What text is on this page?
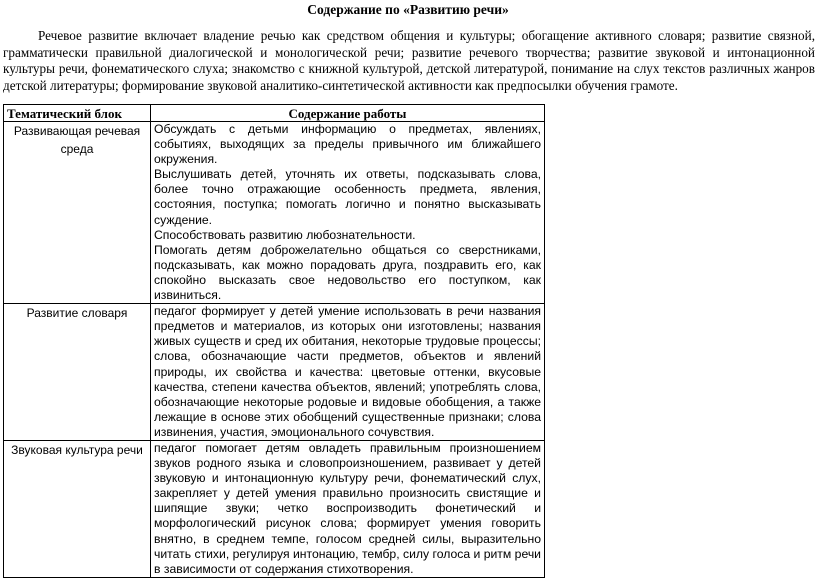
Содержание по «Развитию речи»

Речевое развитие включает владение речью как средством общения и культуры; обогащение активного словаря; развитие связной, грамматически правильной диалогической и монологической речи; развитие речевого творчества; развитие звуковой и интонационной культуры речи, фонематического слуха; знакомство с книжной культурой, детской литературой, понимание на слух текстов различных жанров детской литературы; формирование звуковой аналитико-синтетической активности как предпосылки обучения грамоте.

Тематический блок	Содержание работы
Развивающая речевая среда	Обсуждать с детьми информацию о предметах, явлениях, событиях, выходящих за пределы привычного им ближайшего окружения.

Выслушивать детей, уточнять их ответы, подсказывать слова, более точно отражающие особенность предмета, явления, состояния, поступка; помогать логично и понятно высказывать суждение.

Способствовать развитию любознательности.

Помогать детям доброжелательно общаться со сверстниками, подсказывать, как можно порадовать друга, поздравить его, как спокойно высказать свое недовольство его поступком, как извиниться.

Развитие словаря	педагог формирует у детей умение использовать в речи названия предметов и материалов, из которых они изготовлены; названия живых существ и сред их обитания, некоторые трудовые процессы; слова, обозначающие части предметов, объектов и явлений природы, их свойства и качества: цветовые оттенки, вкусовые качества, степени качества объектов, явлений; употреблять слова, обозначающие некоторые родовые и видовые обобщения, а также лежащие в основе этих обобщений существенные признаки; слова извинения, участия, эмоционального сочувствия.

Звуковая культура речи	педагог помогает детям овладеть правильным произношением звуков родного языка и словопроизношением, развивает у детей звуковую и интонационную культуру речи, фонематический слух, закрепляет у детей умения правильно произносить свистящие и шипящие звуки; четко воспроизводить фонетический и морфологический рисунок слова; формирует умения говорить внятно, в среднем темпе, голосом средней силы, выразительно читать стихи, регулируя интонацию, тембр, силу голоса и ритм речи в зависимости от содержания стихотворения.
